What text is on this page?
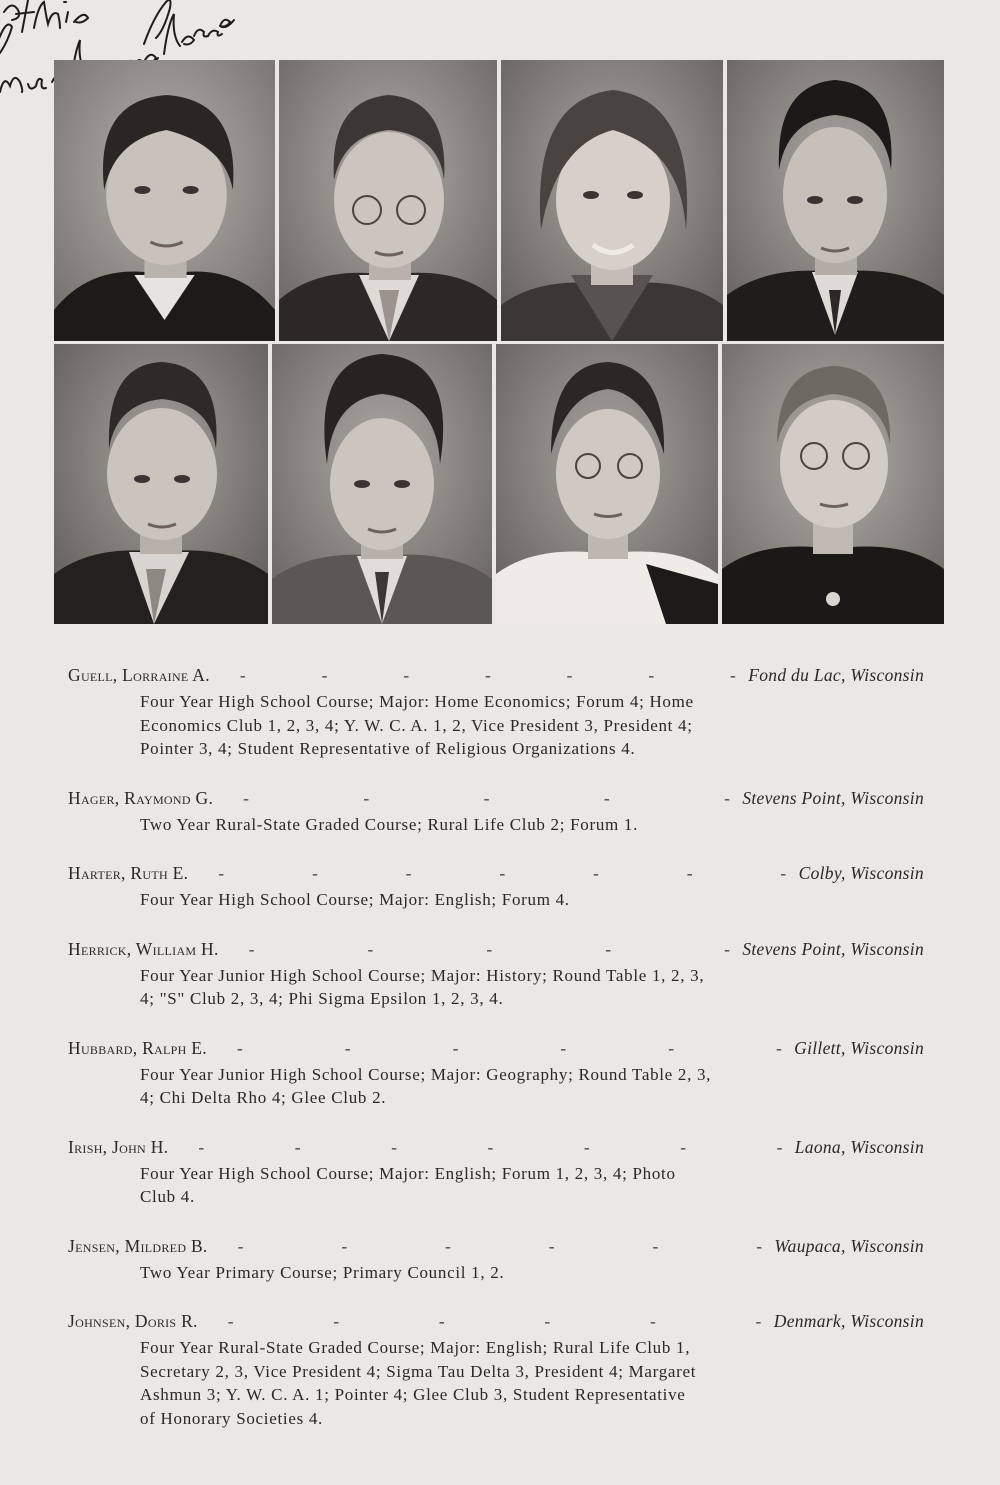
Guell, Lorraine A. -	-	-	-	-	-	- Fond du Lac, Wisconsin
Four Year High School Course; Major: Home Economics; Forum 4; Home
Economics Club 1, 2, 3, 4; Y. W. C. A. 1, 2, Vice President 3, President 4;
Pointer 3, 4; Student Representative of Religious Organizations 4.
Hager, Raymond G. -	-	-	-	- Stevens Point, Wisconsin
Two Year Rural-State Graded Course; Rural Life Club 2; Forum 1.
Harter, Ruth E. -	-	-	-	-	-	- Colby, Wisconsin
Four Year High School Course; Major: English; Forum 4.
Herrick, William H. -	-	-	-	- Stevens Point, Wisconsin
Four Year Junior High School Course; Major: History; Round Table 1, 2, 3,
4; "S" Club 2, 3, 4; Phi Sigma Epsilon 1, 2, 3, 4.
Hubbard, Ralph E. -	-	-	-	-	- Gillett, Wisconsin
Four Year Junior High School Course; Major: Geography; Round Table 2, 3,
4; Chi Delta Rho 4; Glee Club 2.
Irish, John H. -	-	-	-	-	-	- Laona, Wisconsin
Four Year High School Course; Major: English; Forum 1, 2, 3, 4; Photo
Club 4.
Jensen, Mildred B. -	-	-	-	-	- Waupaca, Wisconsin
Two Year Primary Course; Primary Council 1, 2.
Johnsen, Doris R. -	-	-	-	-	- Denmark, Wisconsin
Four Year Rural-State Graded Course; Major: English; Rural Life Club 1,
Secretary 2, 3, Vice President 4; Sigma Tau Delta 3, President 4; Margaret
Ashmun 3; Y. W. C. A. 1; Pointer 4; Glee Club 3, Student Representative
of Honorary Societies 4.
